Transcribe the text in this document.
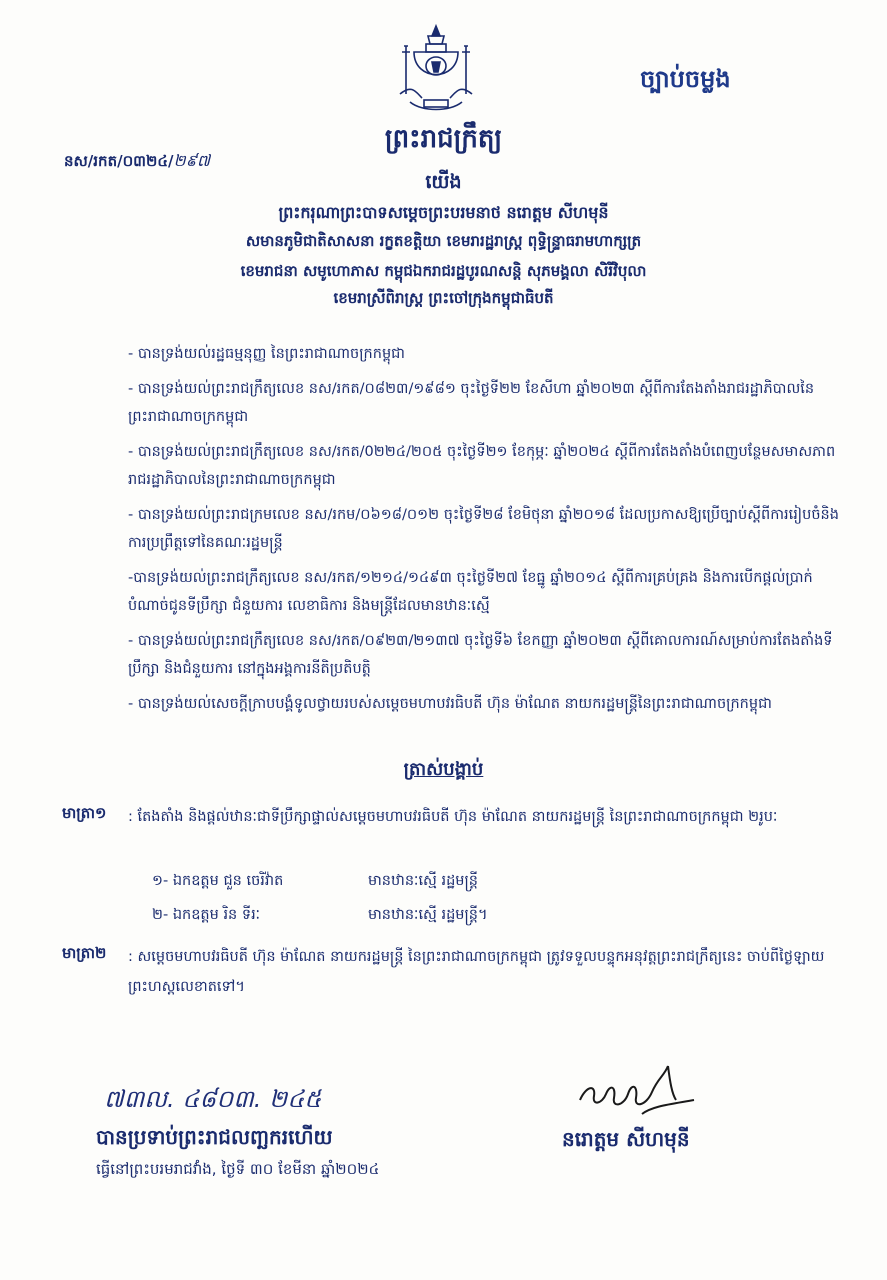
ច្បាប់ចម្លង
ព្រះរាជក្រឹត្យ
នស/រកត/០៣២៤/២៩៧
យើង
ព្រះករុណាព្រះបាទសម្តេចព្រះបរមនាថ នរោត្តម សីហមុនី
សមានភូមិជាតិសាសនា រក្ខតខត្តិយា ខេមរារដ្ឋរាស្ត្រ ពុទ្ធិន្ទ្រាធរាមហាក្សត្រ
ខេមរាជនា សមូហោភាស កម្ពុជឯករាជរដ្ឋបូរណសន្តិ សុភមង្គលា សិរីវិបុលា
ខេមរាស្រីពិរាស្ត្រ ព្រះចៅក្រុងកម្ពុជាធិបតី
- បានទ្រង់យល់រដ្ឋធម្មនុញ្ញ នៃព្រះរាជាណាចក្រកម្ពុជា
- បានទ្រង់យល់ព្រះរាជក្រឹត្យលេខ នស/រកត/០៨២៣/១៩៨១ ចុះថ្ងៃទី២២ ខែសីហា ឆ្នាំ២០២៣ ស្តីពីការតែងតាំងរាជរដ្ឋាភិបាលនៃព្រះរាជាណាចក្រកម្ពុជា
- បានទ្រង់យល់ព្រះរាជក្រឹត្យលេខ នស/រកត/0២២៤/២០៥ ចុះថ្ងៃទី២១ ខែកុម្ភៈ ឆ្នាំ២០២៤ ស្តីពីការតែងតាំងបំពេញបន្ថែមសមាសភាពរាជរដ្ឋាភិបាលនៃព្រះរាជាណាចក្រកម្ពុជា
- បានទ្រង់យល់ព្រះរាជក្រមលេខ នស/រកម/០៦១៨/០១២ ចុះថ្ងៃទី២៨ ខែមិថុនា ឆ្នាំ២០១៨ ដែលប្រកាសឱ្យប្រើច្បាប់ស្តីពីការរៀបចំនិងការប្រព្រឹត្តទៅនៃគណៈរដ្ឋមន្ត្រី
-បានទ្រង់យល់ព្រះរាជក្រឹត្យលេខ នស/រកត/១២១៤/១៤៩៣ ចុះថ្ងៃទី២៧ ខែធ្នូ ឆ្នាំ២០១៤ ស្តីពីការគ្រប់គ្រង និងការបើកផ្តល់ប្រាក់បំណាច់ជូនទីប្រឹក្សា ជំនួយការ លេខាធិការ និងមន្ត្រីដែលមានឋានៈស្មើ
- បានទ្រង់យល់ព្រះរាជក្រឹត្យលេខ នស/រកត/០៩២៣/២១៣៧ ចុះថ្ងៃទី៦ ខែកញ្ញា ឆ្នាំ២០២៣ ស្តីពីគោលការណ៍សម្រាប់ការតែងតាំងទីប្រឹក្សា និងជំនួយការ នៅក្នុងអង្គការនីតិប្រតិបត្តិ
- បានទ្រង់យល់សេចក្តីក្រាបបង្គំទូលថ្វាយរបស់សម្តេចមហាបវរធិបតី ហ៊ុន ម៉ាណែត នាយករដ្ឋមន្ត្រីនៃព្រះរាជាណាចក្រកម្ពុជា
ត្រាស់បង្គាប់
មាត្រា១ : តែងតាំង និងផ្តល់ឋានៈជាទីប្រឹក្សាផ្ទាល់សម្តេចមហាបវរធិបតី ហ៊ុន ម៉ាណែត នាយករដ្ឋមន្ត្រី នៃព្រះរាជាណាចក្រកម្ពុជា ២រូបៈ
១- ឯកឧត្តម ជួន ចេរិវ៉ាត	មានឋានៈស្មើ រដ្ឋមន្ត្រី
២- ឯកឧត្តម រិន ទីរៈ	មានឋានៈស្មើ រដ្ឋមន្ត្រី។
មាត្រា២ : សម្តេចមហាបវរធិបតី ហ៊ុន ម៉ាណែត នាយករដ្ឋមន្ត្រី នៃព្រះរាជាណាចក្រកម្ពុជា ត្រូវទទួលបន្ទុកអនុវត្តព្រះរាជក្រឹត្យនេះ ចាប់ពីថ្ងៃឡាយព្រះហស្តលេខាតទៅ។
៧៣ល. ៤៨០៣. ២៤៥
បានប្រទាប់ព្រះរាជលញ្ឆករហើយ
ធ្វើនៅព្រះបរមរាជវាំង, ថ្ងៃទី ៣០ ខែមីនា ឆ្នាំ២០២៤
នរោត្តម សីហមុនី
